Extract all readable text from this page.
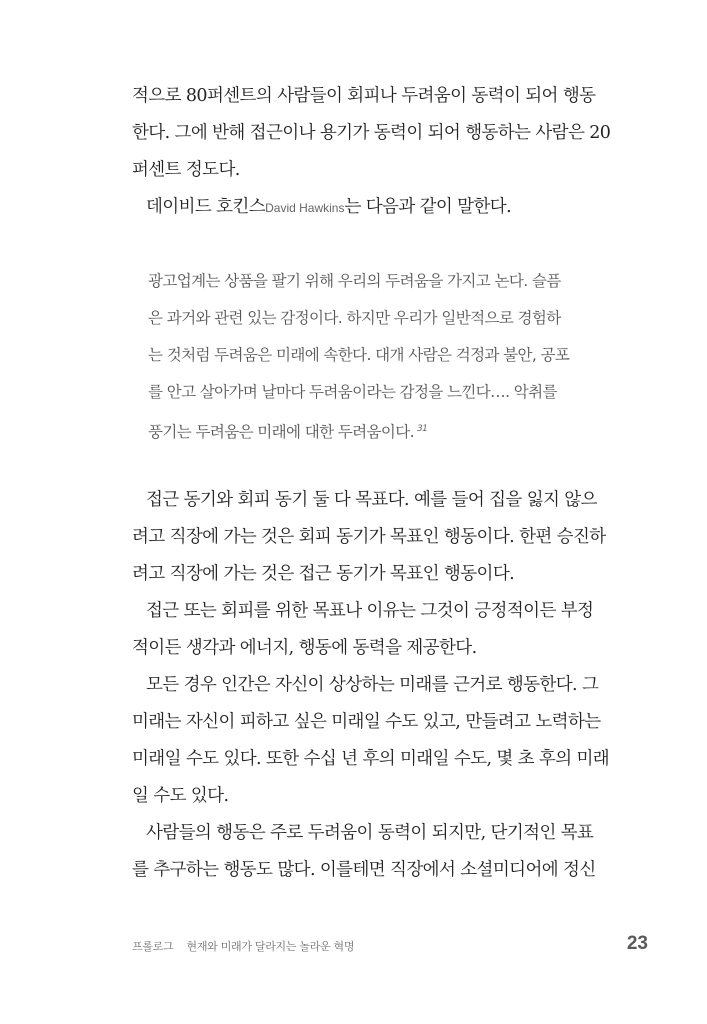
적으로 80퍼센트의 사람들이 회피나 두려움이 동력이 되어 행동
한다. 그에 반해 접근이나 용기가 동력이 되어 행동하는 사람은 20
퍼센트 정도다.
데이비드 호킨스David Hawkins는 다음과 같이 말한다.
광고업계는 상품을 팔기 위해 우리의 두려움을 가지고 논다. 슬픔
은 과거와 관련 있는 감정이다. 하지만 우리가 일반적으로 경험하
는 것처럼 두려움은 미래에 속한다. 대개 사람은 걱정과 불안, 공포
를 안고 살아가며 날마다 두려움이라는 감정을 느낀다…. 악취를
풍기는 두려움은 미래에 대한 두려움이다. $^{31}$
접근 동기와 회피 동기 둘 다 목표다. 예를 들어 집을 잃지 않으
려고 직장에 가는 것은 회피 동기가 목표인 행동이다. 한편 승진하
려고 직장에 가는 것은 접근 동기가 목표인 행동이다.
접근 또는 회피를 위한 목표나 이유는 그것이 긍정적이든 부정
적이든 생각과 에너지, 행동에 동력을 제공한다.
모든 경우 인간은 자신이 상상하는 미래를 근거로 행동한다. 그
미래는 자신이 피하고 싶은 미래일 수도 있고, 만들려고 노력하는
미래일 수도 있다. 또한 수십 년 후의 미래일 수도, 몇 초 후의 미래
일 수도 있다.
사람들의 행동은 주로 두려움이 동력이 되지만, 단기적인 목표
를 추구하는 행동도 많다. 이를테면 직장에서 소셜미디어에 정신
프롤로그 현재와 미래가 달라지는 놀라운 혁명	23
